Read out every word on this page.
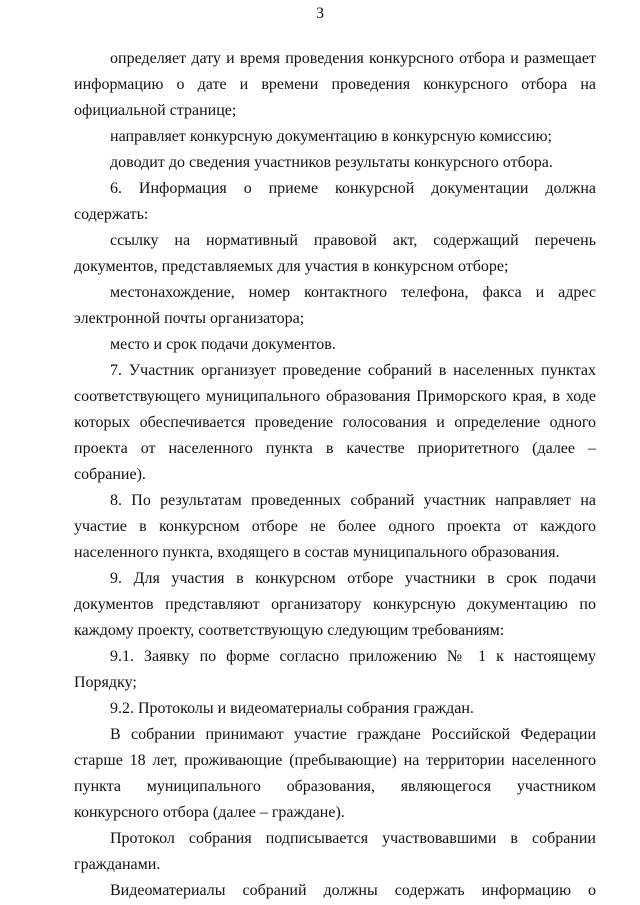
3

определяет дату и время проведения конкурсного отбора и размещает информацию о дате и времени проведения конкурсного отбора на официальной странице;

направляет конкурсную документацию в конкурсную комиссию;

доводит до сведения участников результаты конкурсного отбора.

6. Информация о приеме конкурсной документации должна содержать:

ссылку на нормативный правовой акт, содержащий перечень документов, представляемых для участия в конкурсном отборе;

местонахождение, номер контактного телефона, факса и адрес электронной почты организатора;

место и срок подачи документов.

7. Участник организует проведение собраний в населенных пунктах соответствующего муниципального образования Приморского края, в ходе которых обеспечивается проведение голосования и определение одного проекта от населенного пункта в качестве приоритетного (далее – собрание).

8. По результатам проведенных собраний участник направляет на участие в конкурсном отборе не более одного проекта от каждого населенного пункта, входящего в состав муниципального образования.

9. Для участия в конкурсном отборе участники в срок подачи документов представляют организатору конкурсную документацию по каждому проекту, соответствующую следующим требованиям:

9.1. Заявку по форме согласно приложению № 1 к настоящему Порядку;

9.2. Протоколы и видеоматериалы собрания граждан.

В собрании принимают участие граждане Российской Федерации старше 18 лет, проживающие (пребывающие) на территории населенного пункта муниципального образования, являющегося участником конкурсного отбора (далее – граждане).

Протокол собрания подписывается участвовавшими в собрании гражданами.

Видеоматериалы собраний должны содержать информацию о
